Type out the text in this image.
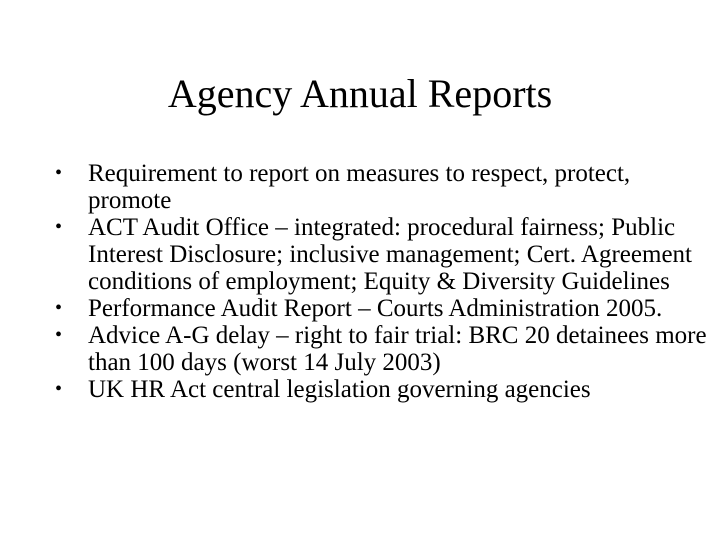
Agency Annual Reports
•	Requirement to report on measures to respect, protect, promote
•	ACT Audit Office – integrated: procedural fairness; Public Interest Disclosure; inclusive management; Cert. Agreement conditions of employment; Equity & Diversity Guidelines
•	Performance Audit Report – Courts Administration 2005.
•	Advice A-G delay – right to fair trial: BRC 20 detainees more than 100 days (worst 14 July 2003)
•	UK HR Act central legislation governing agencies
